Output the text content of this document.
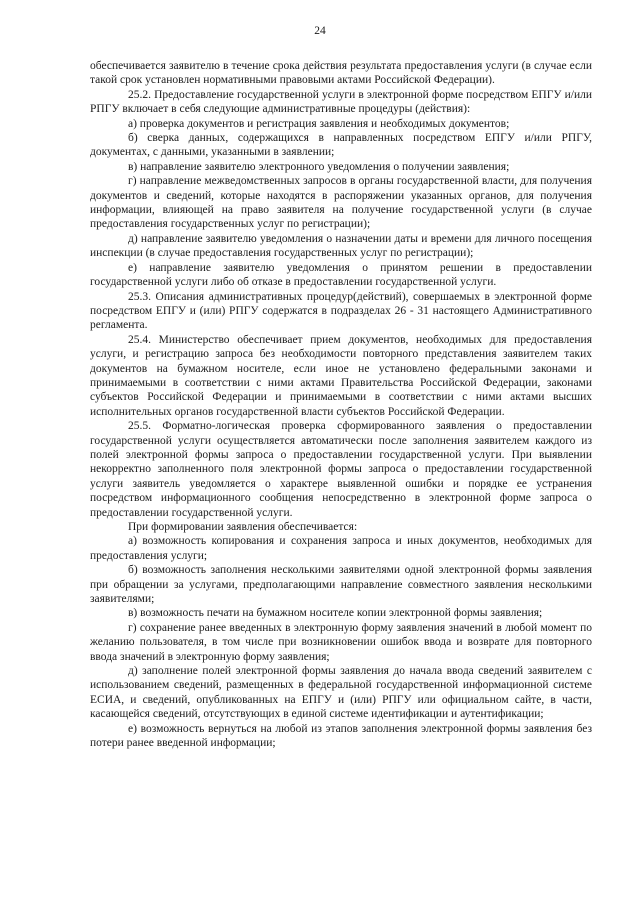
24

обеспечивается заявителю в течение срока действия результата предоставления услуги (в случае если такой срок установлен нормативными правовыми актами Российской Федерации).

25.2. Предоставление государственной услуги в электронной форме посредством ЕПГУ и/или РПГУ включает в себя следующие административные процедуры (действия):

а) проверка документов и регистрация заявления и необходимых документов;

б) сверка данных, содержащихся в направленных посредством ЕПГУ и/или РПГУ, документах, с данными, указанными в заявлении;

в) направление заявителю электронного уведомления о получении заявления;

г) направление межведомственных запросов в органы государственной власти, для получения документов и сведений, которые находятся в распоряжении указанных органов, для получения информации, влияющей на право заявителя на получение государственной услуги (в случае предоставления государственных услуг по регистрации);

д) направление заявителю уведомления о назначении даты и времени для личного посещения инспекции (в случае предоставления государственных услуг по регистрации);

е) направление заявителю уведомления о принятом решении в предоставлении государственной услуги либо об отказе в предоставлении государственной услуги.

25.3. Описания административных процедур(действий), совершаемых в электронной форме посредством ЕПГУ и (или) РПГУ содержатся в подразделах 26 - 31 настоящего Административного регламента.

25.4. Министерство обеспечивает прием документов, необходимых для предоставления услуги, и регистрацию запроса без необходимости повторного представления заявителем таких документов на бумажном носителе, если иное не установлено федеральными законами и принимаемыми в соответствии с ними актами Правительства Российской Федерации, законами субъектов Российской Федерации и принимаемыми в соответствии с ними актами высших исполнительных органов государственной власти субъектов Российской Федерации.

25.5. Форматно-логическая проверка сформированного заявления о предоставлении государственной услуги осуществляется автоматически после заполнения заявителем каждого из полей электронной формы запроса о предоставлении государственной услуги. При выявлении некорректно заполненного поля электронной формы запроса о предоставлении государственной услуги заявитель уведомляется о характере выявленной ошибки и порядке ее устранения посредством информационного сообщения непосредственно в электронной форме запроса о предоставлении государственной услуги.

При формировании заявления обеспечивается:

а) возможность копирования и сохранения запроса и иных документов, необходимых для предоставления услуги;

б) возможность заполнения несколькими заявителями одной электронной формы заявления при обращении за услугами, предполагающими направление совместного заявления несколькими заявителями;

в) возможность печати на бумажном носителе копии электронной формы заявления;

г) сохранение ранее введенных в электронную форму заявления значений в любой момент по желанию пользователя, в том числе при возникновении ошибок ввода и возврате для повторного ввода значений в электронную форму заявления;

д) заполнение полей электронной формы заявления до начала ввода сведений заявителем с использованием сведений, размещенных в федеральной государственной информационной системе ЕСИА, и сведений, опубликованных на ЕПГУ и (или) РПГУ или официальном сайте, в части, касающейся сведений, отсутствующих в единой системе идентификации и аутентификации;

е) возможность вернуться на любой из этапов заполнения электронной формы заявления без потери ранее введенной информации;
